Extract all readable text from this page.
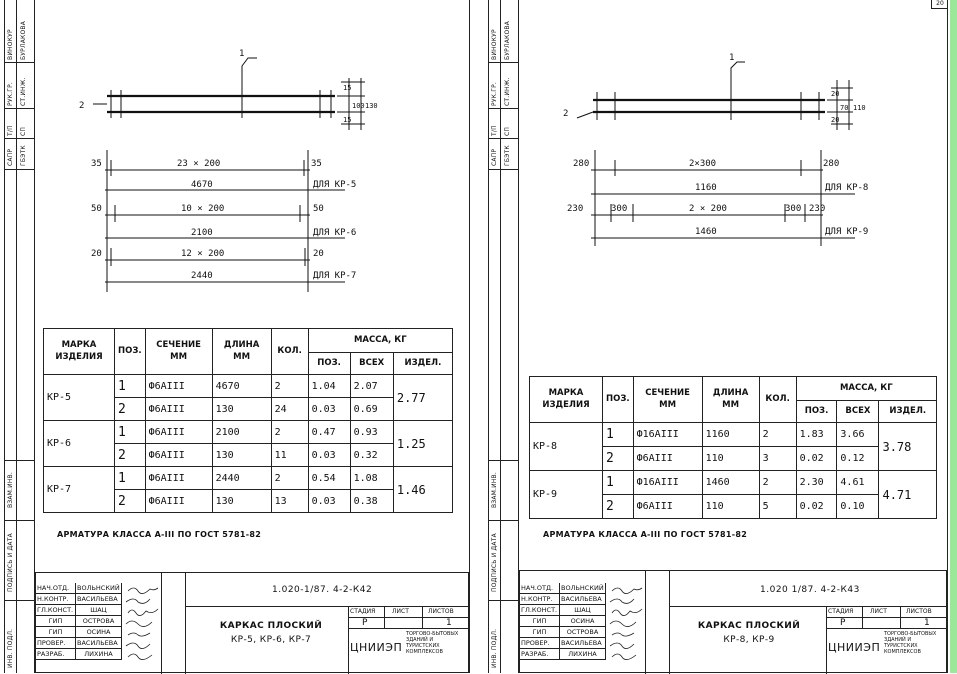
ВИНОКУР БУРЛАКОВА
РУК.ГР. СТ.ИНЖ.
Т/П СП
САПР ГБЭТК
ВЗАМ.ИНВ.
ПОДПИСЬ И ДАТА
ИНВ. ПОДЛ.
1
2
15
100
15
130
35	23 × 200	35
4670	ДЛЯ КР-5
50	10 × 200	50
2100	ДЛЯ КР-6
20	12 × 200	20
2440	ДЛЯ КР-7
МАРКА ИЗДЕЛИЯ	ПОЗ.	СЕЧЕНИЕ ММ	ДЛИНА ММ	КОЛ.	МАССА, КГ		
					ПОЗ.	ВСЕХ	ИЗДЕЛ.
КР-5	1	Ф6АIII	4670	2	1.04	2.07	2.77
	2	Ф6АIII	130	24	0.03	0.69	
КР-6	1	Ф6АIII	2100	2	0.47	0.93	1.25
	2	Ф6АIII	130	11	0.03	0.32	
КР-7	1	Ф6АIII	2440	2	0.54	1.08	1.46
	2	Ф6АIII	130	13	0.03	0.38	
АРМАТУРА КЛАССА А-III ПО ГОСТ 5781-82
НАЧ.ОТД.	ВОЛЬНСКИЙ
Н.КОНТР.	ВАСИЛЬЕВА
ГЛ.КОНСТ.	ШАЦ
ГИП	ОСТРОВА
ГИП	ОСИНА
ПРОВЕР.	ВАСИЛЬЕВА
РАЗРАБ.	ЛИХИНА
1.020-1/87. 4-2-К42
КАРКАС ПЛОСКИЙ
КР-5, КР-6, КР-7
СТАДИЯ	ЛИСТ	ЛИСТОВ
Р	1
ЦНИИЭП
ТОРГОВО-БЫТОВЫХ ЗДАНИЙ И ТУРИСТСКИХ КОМПЛЕКСОВ
ВИНОКУР БУРЛАКОВА
РУК.ГР. СТ.ИНЖ.
Т/П СП
САПР ГБЭТК
ВЗАМ.ИНВ.
ПОДПИСЬ И ДАТА
ИНВ. ПОДЛ.
20
1
2
20
70
20
110
280	2×300	280
1160	ДЛЯ КР-8
230	300	2 × 200	300 230
1460	ДЛЯ КР-9
МАРКА ИЗДЕЛИЯ	ПОЗ.	СЕЧЕНИЕ ММ	ДЛИНА ММ	КОЛ.	МАССА, КГ		
					ПОЗ.	ВСЕХ	ИЗДЕЛ.
КР-8	1	Ф16АIII	1160	2	1.83	3.66	3.78
	2	Ф6АIII	110	3	0.02	0.12	
КР-9	1	Ф16АIII	1460	2	2.30	4.61	4.71
	2	Ф6АIII	110	5	0.02	0.10	
АРМАТУРА КЛАССА А-III ПО ГОСТ 5781-82
НАЧ.ОТД.	ВОЛЬНСКИЙ
Н.КОНТР.	ВАСИЛЬЕВА
ГЛ.КОНСТ.	ШАЦ
ГИП	ОСИНА
ГИП	ОСТРОВА
ПРОВЕР.	ВАСИЛЬЕВА
РАЗРАБ.	ЛИХИНА
1.020 1/87. 4-2-К43
КАРКАС ПЛОСКИЙ
КР-8, КР-9
СТАДИЯ	ЛИСТ	ЛИСТОВ
Р	1
ЦНИИЭП
ТОРГОВО-БЫТОВЫХ ЗДАНИЙ И ТУРИСТСКИХ КОМПЛЕКСОВ
